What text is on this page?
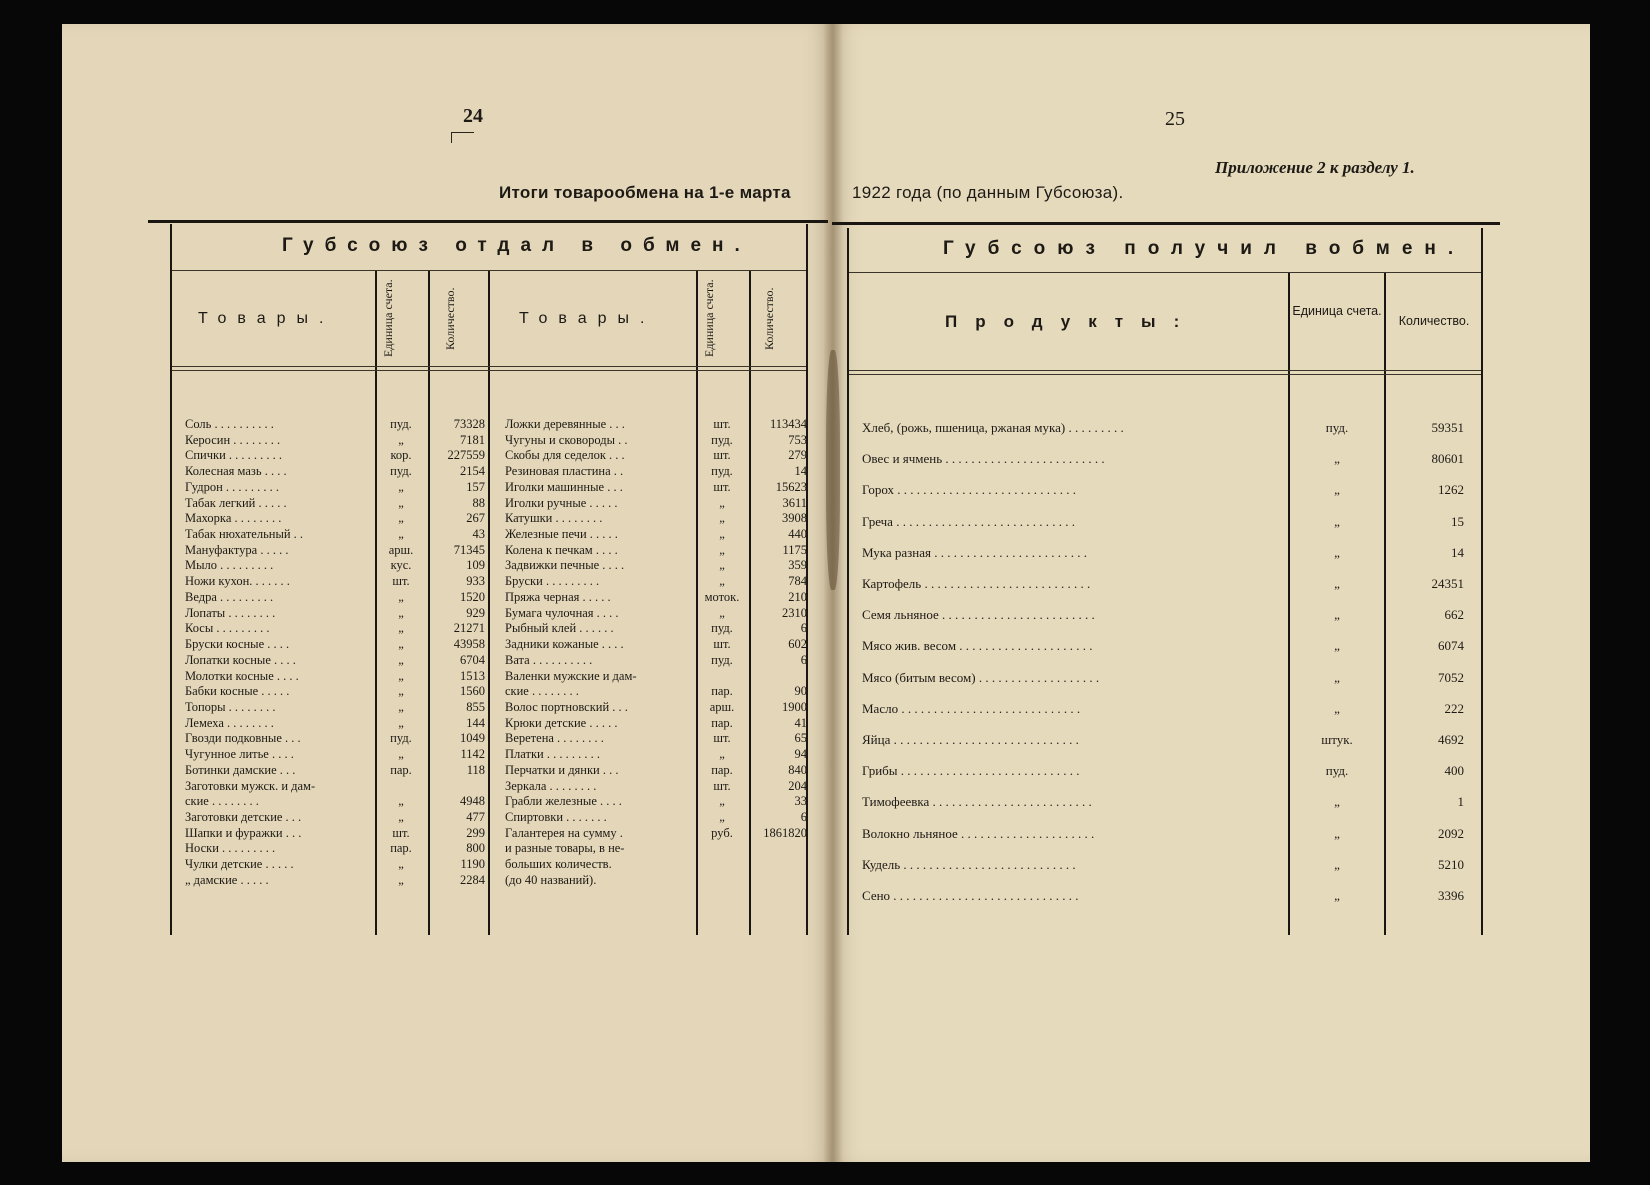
24
Итоги товарообмена на 1-е марта
Губсоюз отдал в обмен.
Товары.	Товары.
Единица счета.	Количество.	Единица счета.	Количество.
Соль . . . . . . . . . .	пуд.	73328
Керосин . . . . . . . .	„	7181
Спички . . . . . . . . .	кор.	227559
Колесная мазь . . . .	пуд.	2154
Гудрон . . . . . . . . .	„	157
Табак легкий . . . . .	„	88
Махорка . . . . . . . .	„	267
Табак нюхательный . .	„	43
Мануфактура . . . . .	арш.	71345
Мыло . . . . . . . . .	кус.	109
Ножи кухон. . . . . . .	шт.	933
Ведра . . . . . . . . .	„	1520
Лопаты . . . . . . . .	„	929
Косы . . . . . . . . .	„	21271
Бруски косные . . . .	„	43958
Лопатки косные . . . .	„	6704
Молотки косные . . . .	„	1513
Бабки косные . . . . .	„	1560
Топоры . . . . . . . .	„	855
Лемеха . . . . . . . .	„	144
Гвозди подковные . . .	пуд.	1049
Чугунное литье . . . .	„	1142
Ботинки дамские . . .	пар.	118
Заготовки мужск. и дам-
ские . . . . . . . .	„	4948
Заготовки детские . . .	„	477
Шапки и фуражки . . .	шт.	299
Носки . . . . . . . . .	пар.	800
Чулки детские . . . . .	„	1190
„ дамские . . . . .	„	2284
Ложки деревянные . . .	шт.	113434
Чугуны и сковороды . .	пуд.	753
Скобы для седелок . . .	шт.	279
Резиновая пластина . .	пуд.	14
Иголки машинные . . .	шт.	15623
Иголки ручные . . . . .	„	3611
Катушки . . . . . . . .	„	3908
Железные печи . . . . .	„	440
Колена к печкам . . . .	„	1175
Задвижки печные . . . .	„	359
Бруски . . . . . . . . .	„	784
Пряжа черная . . . . .	моток.	210
Бумага чулочная . . . .	„	2310
Рыбный клей . . . . . .	пуд.	6
Задники кожаные . . . .	шт.	602
Вата . . . . . . . . . .	пуд.	6
Валенки мужские и дам-
ские . . . . . . . .	пар.	90
Волос портновский . . .	арш.	1900
Крюки детские . . . . .	пар.	41
Веретена . . . . . . . .	шт.	65
Платки . . . . . . . . .	„	94
Перчатки и дянки . . .	пар.	840
Зеркала . . . . . . . .	шт.	204
Грабли железные . . . .	„	33
Спиртовки . . . . . . .	„	6
Галантерея на сумму .	руб.	1861820
и разные товары, в не-
больших количеств.
(до 40 названий).
25
Приложение 2 к разделу 1.
1922 года (по данным Губсоюза).
Губсоюз получил вобмен.
Продукты:
Единица счета.
Количество.
Хлеб, (рожь, пшеница, ржаная мука) . . . . . . . . .	пуд.	59351
Овес и ячмень . . . . . . . . . . . . . . . . . . . . . . . . .	„	80601
Горох . . . . . . . . . . . . . . . . . . . . . . . . . . . .	„	1262
Греча . . . . . . . . . . . . . . . . . . . . . . . . . . . .	„	15
Мука разная . . . . . . . . . . . . . . . . . . . . . . . .	„	14
Картофель . . . . . . . . . . . . . . . . . . . . . . . . . .	„	24351
Семя льняное . . . . . . . . . . . . . . . . . . . . . . . .	„	662
Мясо жив. весом . . . . . . . . . . . . . . . . . . . . .	„	6074
Мясо (битым весом) . . . . . . . . . . . . . . . . . . .	„	7052
Масло . . . . . . . . . . . . . . . . . . . . . . . . . . . .	„	222
Яйца . . . . . . . . . . . . . . . . . . . . . . . . . . . . .	штук.	4692
Грибы . . . . . . . . . . . . . . . . . . . . . . . . . . . .	пуд.	400
Тимофеевка . . . . . . . . . . . . . . . . . . . . . . . . .	„	1
Волокно льняное . . . . . . . . . . . . . . . . . . . . .	„	2092
Кудель . . . . . . . . . . . . . . . . . . . . . . . . . . .	„	5210
Сено . . . . . . . . . . . . . . . . . . . . . . . . . . . . .	„	3396
